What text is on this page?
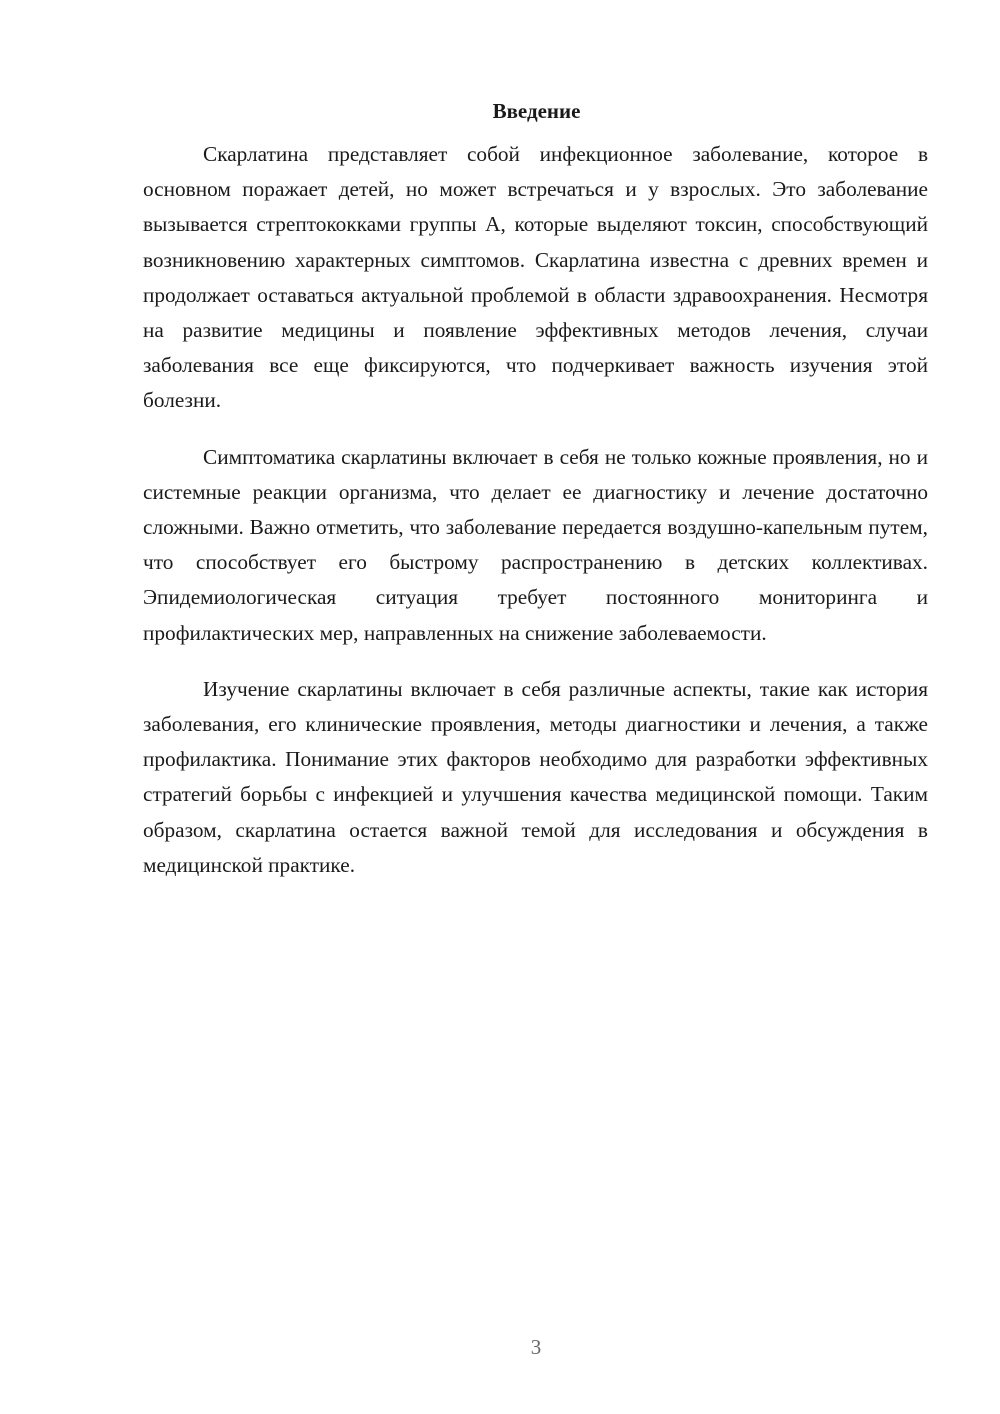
Введение

Скарлатина представляет собой инфекционное заболевание, которое в основном поражает детей, но может встречаться и у взрослых. Это заболевание вызывается стрептококками группы А, которые выделяют токсин, способствующий возникновению характерных симптомов. Скарлатина известна с древних времен и продолжает оставаться актуальной проблемой в области здравоохранения. Несмотря на развитие медицины и появление эффективных методов лечения, случаи заболевания все еще фиксируются, что подчеркивает важность изучения этой болезни.

Симптоматика скарлатины включает в себя не только кожные проявления, но и системные реакции организма, что делает ее диагностику и лечение достаточно сложными. Важно отметить, что заболевание передается воздушно-капельным путем, что способствует его быстрому распространению в детских коллективах. Эпидемиологическая ситуация требует постоянного мониторинга и профилактических мер, направленных на снижение заболеваемости.

Изучение скарлатины включает в себя различные аспекты, такие как история заболевания, его клинические проявления, методы диагностики и лечения, а также профилактика. Понимание этих факторов необходимо для разработки эффективных стратегий борьбы с инфекцией и улучшения качества медицинской помощи. Таким образом, скарлатина остается важной темой для исследования и обсуждения в медицинской практике.

3
